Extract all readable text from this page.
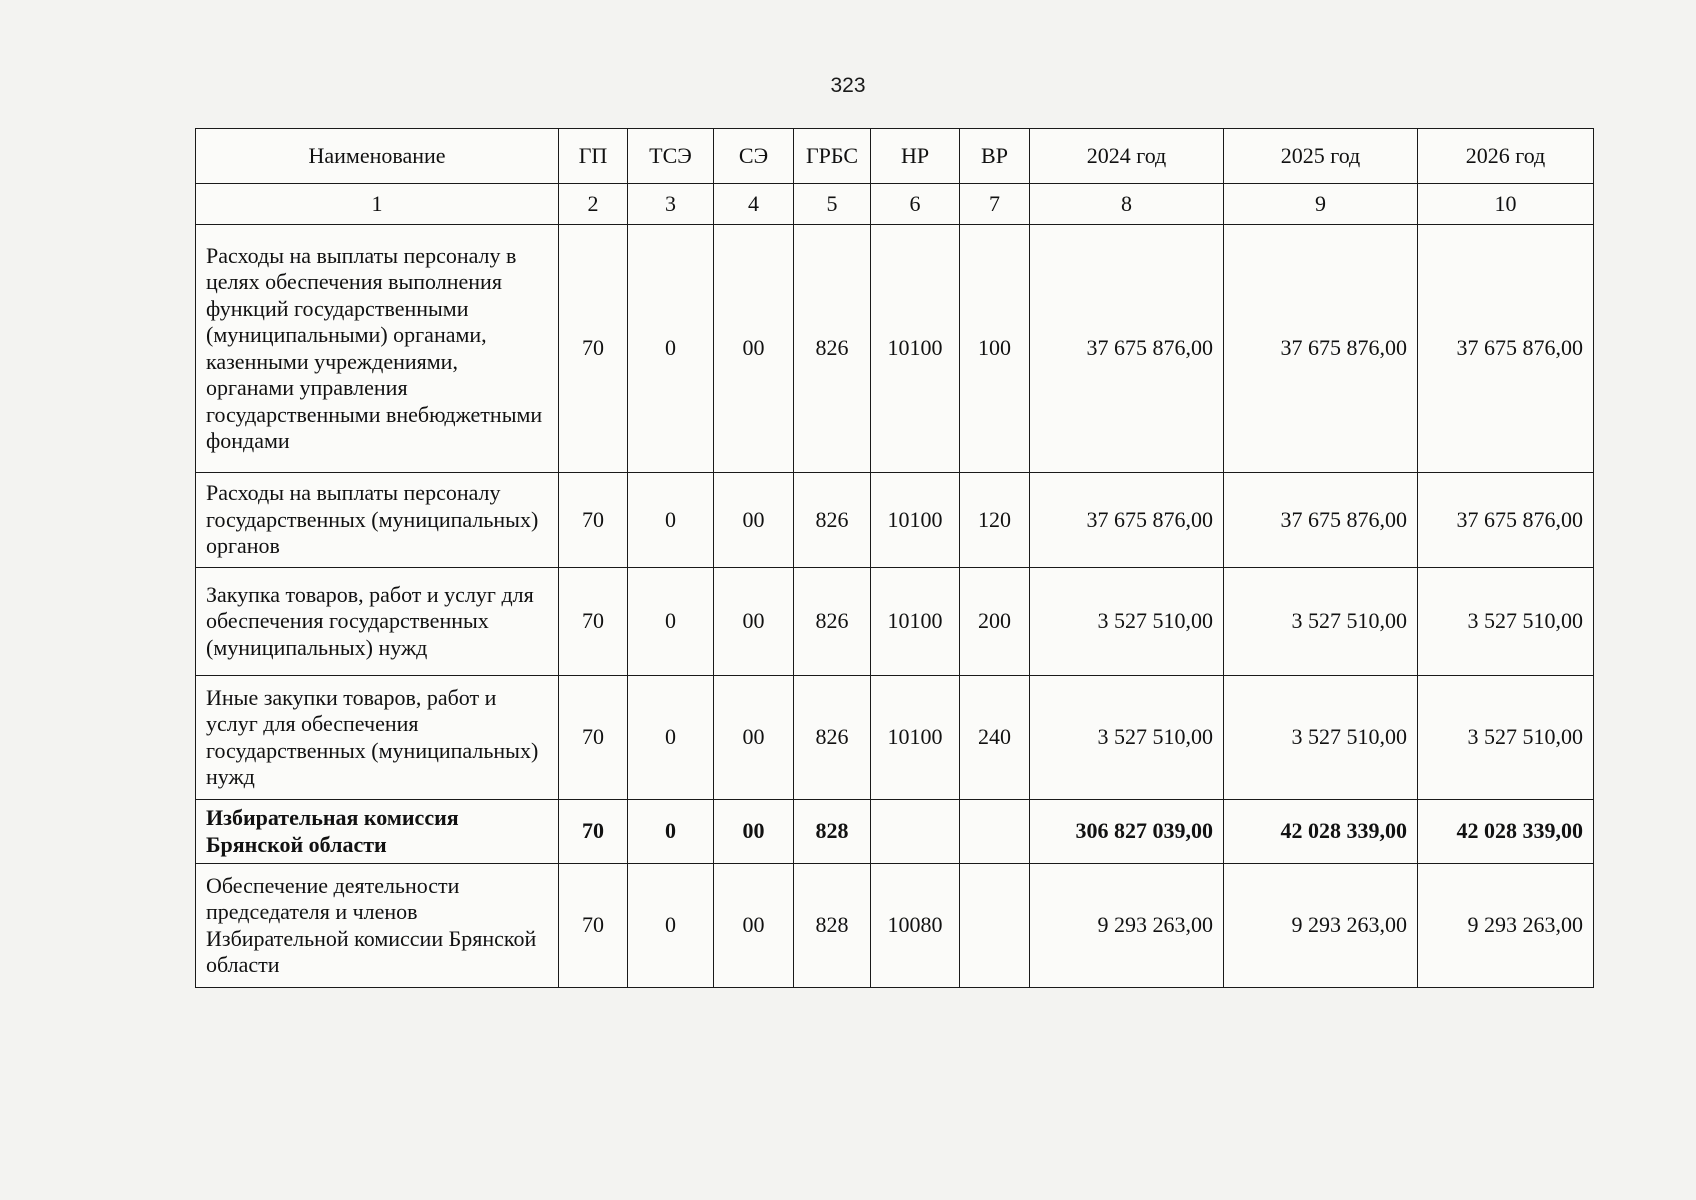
323
Наименование	ГП	ТСЭ	СЭ	ГРБС	НР	ВР	2024 год	2025 год	2026 год
1	2	3	4	5	6	7	8	9	10
Расходы на выплаты персоналу в целях обеспечения выполнения функций государственными (муниципальными) органами, казенными учреждениями, органами управления государственными внебюджетными фондами	70	0	00	826	10100	100	37 675 876,00	37 675 876,00	37 675 876,00
Расходы на выплаты персоналу государственных (муниципальных) органов	70	0	00	826	10100	120	37 675 876,00	37 675 876,00	37 675 876,00
Закупка товаров, работ и услуг для обеспечения государственных (муниципальных) нужд	70	0	00	826	10100	200	3 527 510,00	3 527 510,00	3 527 510,00
Иные закупки товаров, работ и услуг для обеспечения государственных (муниципальных) нужд	70	0	00	826	10100	240	3 527 510,00	3 527 510,00	3 527 510,00
Избирательная комиссия Брянской области	70	0	00	828			306 827 039,00	42 028 339,00	42 028 339,00
Обеспечение деятельности председателя и членов Избирательной комиссии Брянской области	70	0	00	828	10080		9 293 263,00	9 293 263,00	9 293 263,00
